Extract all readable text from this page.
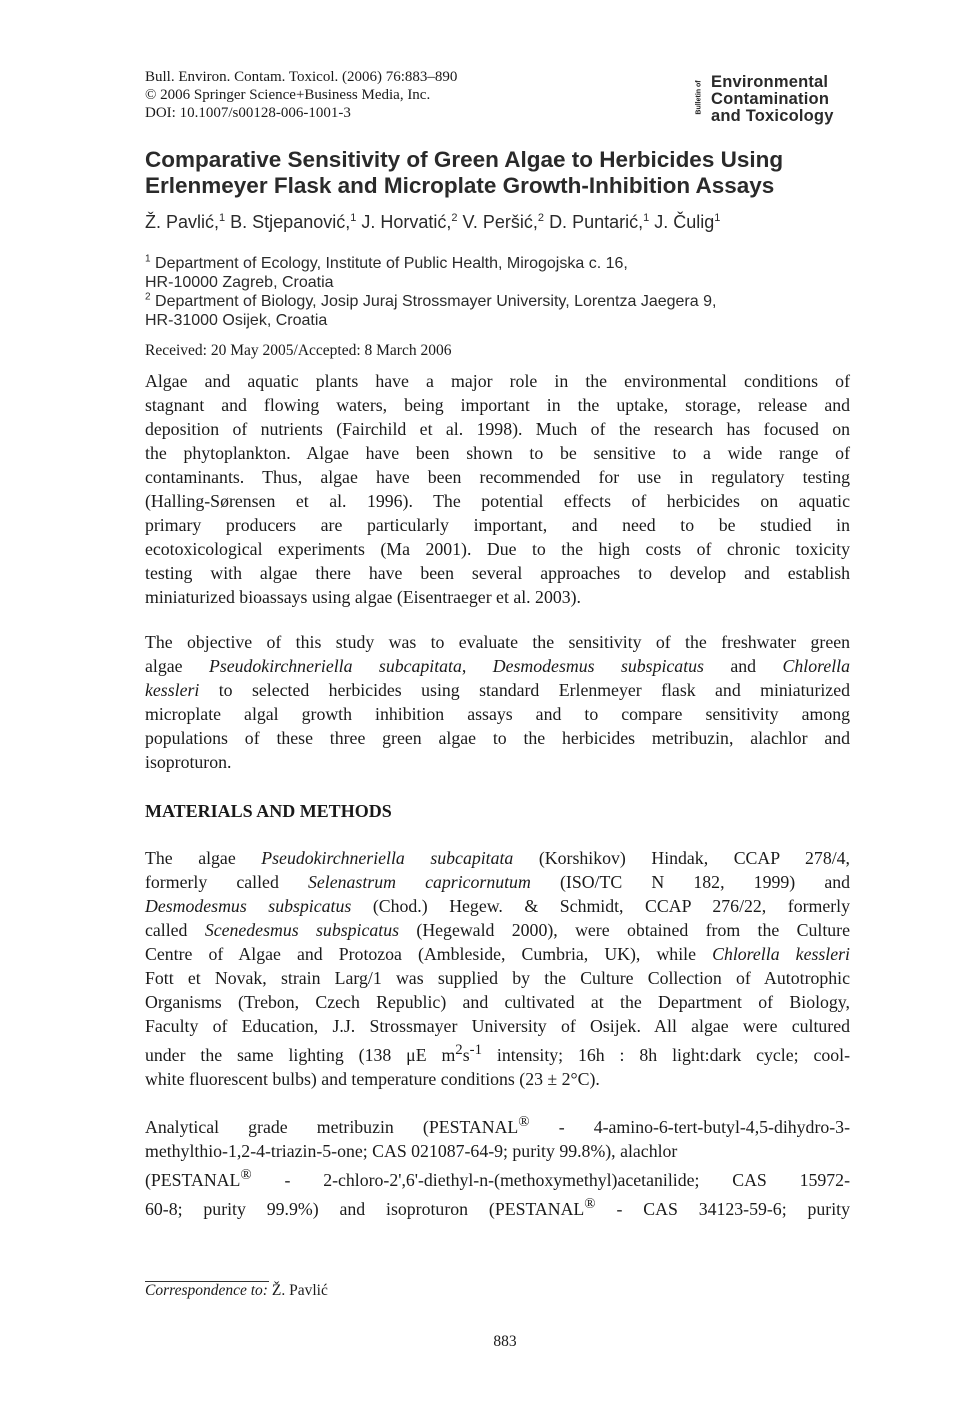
Bull. Environ. Contam. Toxicol. (2006) 76:883–890
© 2006 Springer Science+Business Media, Inc.
DOI: 10.1007/s00128-006-1001-3	Bulletin of Environmental
Contamination
and Toxicology
Comparative Sensitivity of Green Algae to Herbicides Using
Erlenmeyer Flask and Microplate Growth-Inhibition Assays
Ž. Pavlić,$^1$ B. Stjepanović,$^1$ J. Horvatić,$^2$ V. Peršić,$^2$ D. Puntarić,$^1$ J. Čulig$^1$
$^1$ Department of Ecology, Institute of Public Health, Mirogojska c. 16,
HR-10000 Zagreb, Croatia
$^2$ Department of Biology, Josip Juraj Strossmayer University, Lorentza Jaegera 9,
HR-31000 Osijek, Croatia
Received: 20 May 2005/Accepted: 8 March 2006
Algae and aquatic plants have a major role in the environmental conditions of
stagnant and flowing waters, being important in the uptake, storage, release and
deposition of nutrients (Fairchild et al. 1998). Much of the research has focused on
the phytoplankton. Algae have been shown to be sensitive to a wide range of
contaminants. Thus, algae have been recommended for use in regulatory testing
(Halling-Sørensen et al. 1996). The potential effects of herbicides on aquatic
primary producers are particularly important, and need to be studied in
ecotoxicological experiments (Ma 2001). Due to the high costs of chronic toxicity
testing with algae there have been several approaches to develop and establish
miniaturized bioassays using algae (Eisentraeger et al. 2003).
The objective of this study was to evaluate the sensitivity of the freshwater green
algae Pseudokirchneriella subcapitata, Desmodesmus subspicatus and Chlorella
kessleri to selected herbicides using standard Erlenmeyer flask and miniaturized
microplate algal growth inhibition assays and to compare sensitivity among
populations of these three green algae to the herbicides metribuzin, alachlor and
isoproturon.
MATERIALS AND METHODS
The algae Pseudokirchneriella subcapitata (Korshikov) Hindak, CCAP 278/4,
formerly called Selenastrum capricornutum (ISO/TC N 182, 1999) and
Desmodesmus subspicatus (Chod.) Hegew. & Schmidt, CCAP 276/22, formerly
called Scenedesmus subspicatus (Hegewald 2000), were obtained from the Culture
Centre of Algae and Protozoa (Ambleside, Cumbria, UK), while Chlorella kessleri
Fott et Novak, strain Larg/1 was supplied by the Culture Collection of Autotrophic
Organisms (Trebon, Czech Republic) and cultivated at the Department of Biology,
Faculty of Education, J.J. Strossmayer University of Osijek. All algae were cultured
under the same lighting (138 μE $m^2s^{-1}$ intensity; 16h : 8h light:dark cycle; cool-
white fluorescent bulbs) and temperature conditions (23 ± 2°C).
Analytical grade metribuzin (PESTANAL® - 4-amino-6-tert-butyl-4,5-dihydro-3-
methylthio-1,2-4-triazin-5-one; CAS 021087-64-9; purity 99.8%), alachlor
(PESTANAL® - 2-chloro-2',6'-diethyl-n-(methoxymethyl)acetanilide; CAS 15972-
60-8; purity 99.9%) and isoproturon (PESTANAL® - CAS 34123-59-6; purity
Correspondence to: Ž. Pavlić
883
